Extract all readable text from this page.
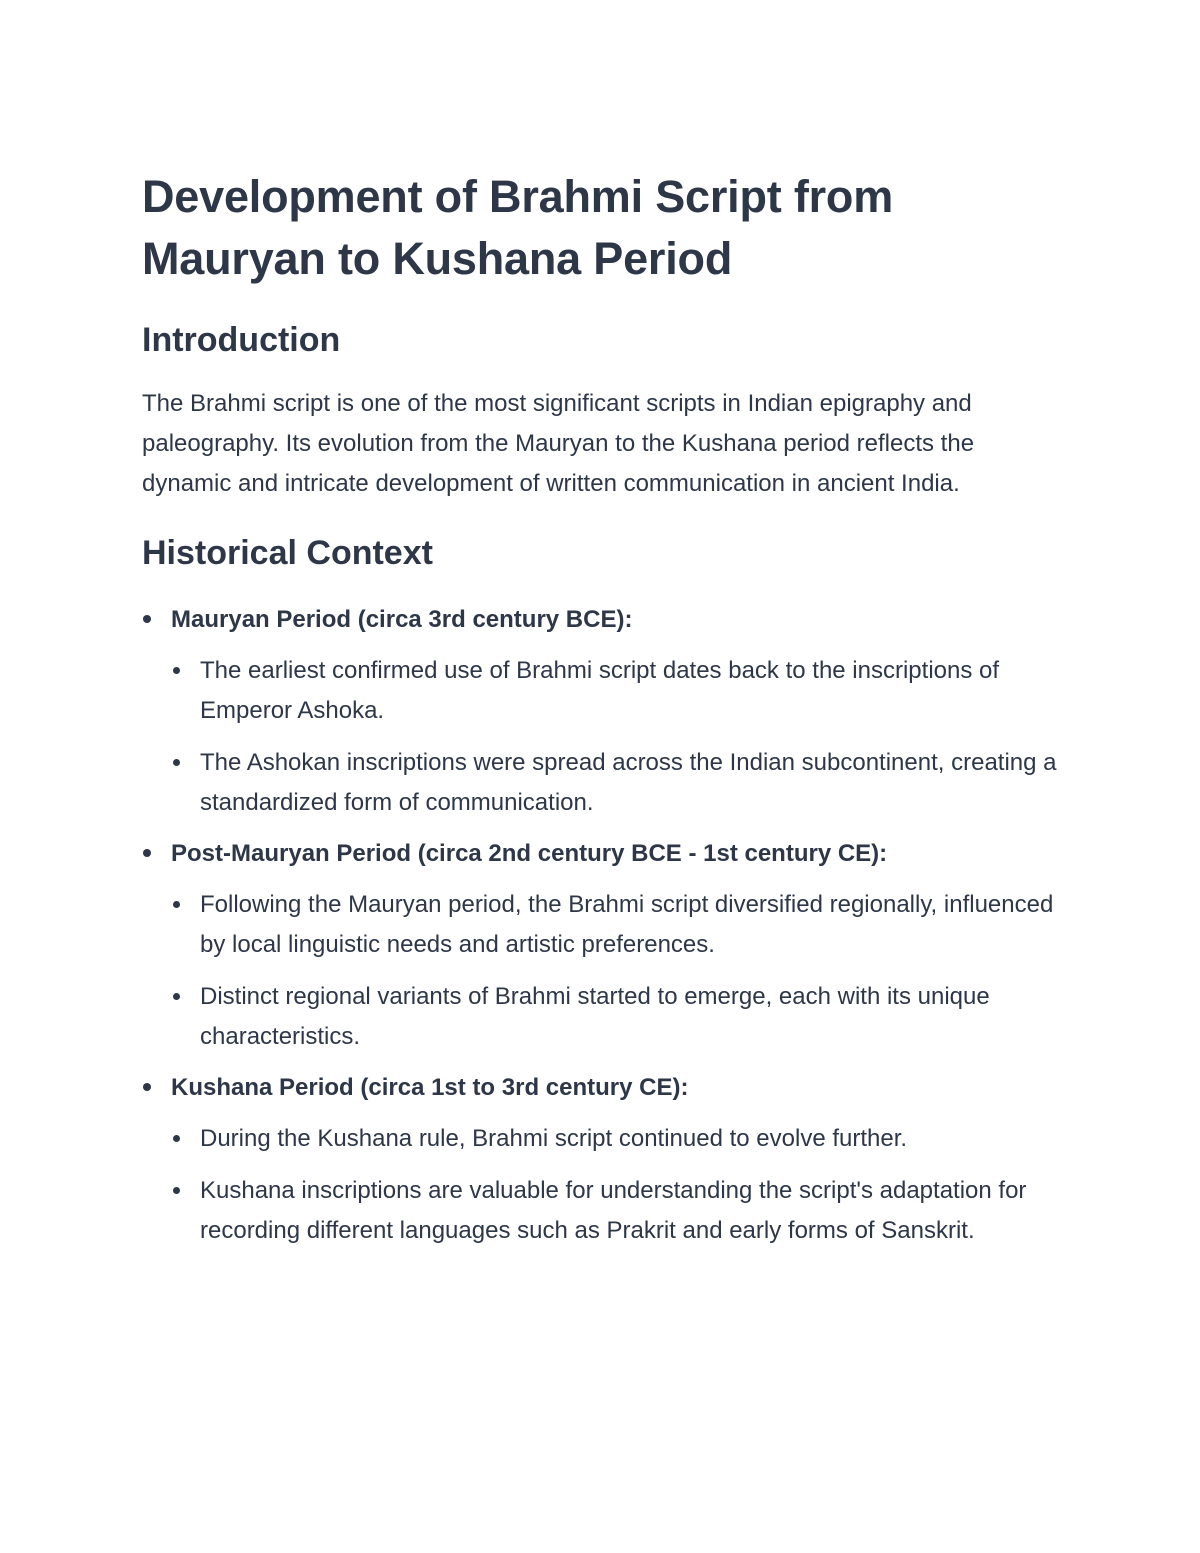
Development of Brahmi Script from Mauryan to Kushana Period
Introduction

The Brahmi script is one of the most significant scripts in Indian epigraphy and paleography. Its evolution from the Mauryan to the Kushana period reflects the dynamic and intricate development of written communication in ancient India.

Historical Context
Mauryan Period (circa 3rd century BCE):
The earliest confirmed use of Brahmi script dates back to the inscriptions of Emperor Ashoka.
The Ashokan inscriptions were spread across the Indian subcontinent, creating a standardized form of communication.
Post-Mauryan Period (circa 2nd century BCE - 1st century CE):
Following the Mauryan period, the Brahmi script diversified regionally, influenced by local linguistic needs and artistic preferences.
Distinct regional variants of Brahmi started to emerge, each with its unique characteristics.
Kushana Period (circa 1st to 3rd century CE):
During the Kushana rule, Brahmi script continued to evolve further.
Kushana inscriptions are valuable for understanding the script's adaptation for recording different languages such as Prakrit and early forms of Sanskrit.
